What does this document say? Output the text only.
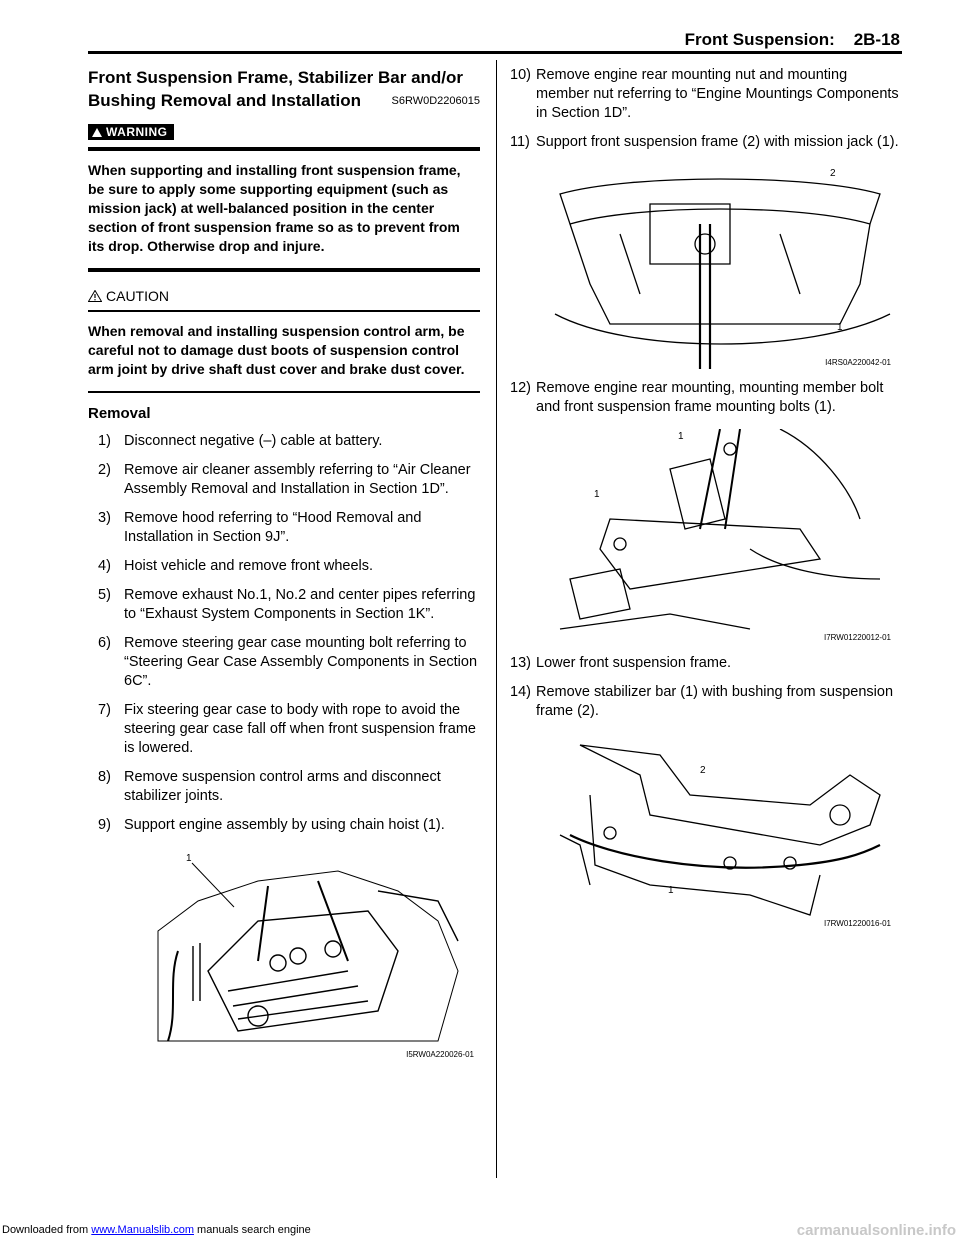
Front Suspension:    2B-18
Front Suspension Frame, Stabilizer Bar and/or Bushing Removal and Installation	S6RW0D2206015
WARNING
When supporting and installing front suspension frame, be sure to apply some supporting equipment (such as mission jack) at well-balanced position in the center section of front suspension frame so as to prevent from its drop. Otherwise drop and injure.
CAUTION
When removal and installing suspension control arm, be careful not to damage dust boots of suspension control arm joint by drive shaft dust cover and brake dust cover.
Removal
1) Disconnect negative (–) cable at battery.
2) Remove air cleaner assembly referring to “Air Cleaner Assembly Removal and Installation in Section 1D”.
3) Remove hood referring to “Hood Removal and Installation in Section 9J”.
4) Hoist vehicle and remove front wheels.
5) Remove exhaust No.1, No.2 and center pipes referring to “Exhaust System Components in Section 1K”.
6) Remove steering gear case mounting bolt referring to “Steering Gear Case Assembly Components in Section 6C”.
7) Fix steering gear case to body with rope to avoid the steering gear case fall off when front suspension frame is lowered.
8) Remove suspension control arms and disconnect stabilizer joints.
9) Support engine assembly by using chain hoist (1).
1
I5RW0A220026-01
10) Remove engine rear mounting nut and mounting member nut referring to “Engine Mountings Components in Section 1D”.
11) Support front suspension frame (2) with mission jack (1).
2
1
I4RS0A220042-01
12) Remove engine rear mounting, mounting member bolt and front suspension frame mounting bolts (1).
1
1
I7RW01220012-01
13) Lower front suspension frame.
14) Remove stabilizer bar (1) with bushing from suspension frame (2).
2
1
I7RW01220016-01
Downloaded from www.Manualslib.com manuals search engine	carmanualsonline.info
